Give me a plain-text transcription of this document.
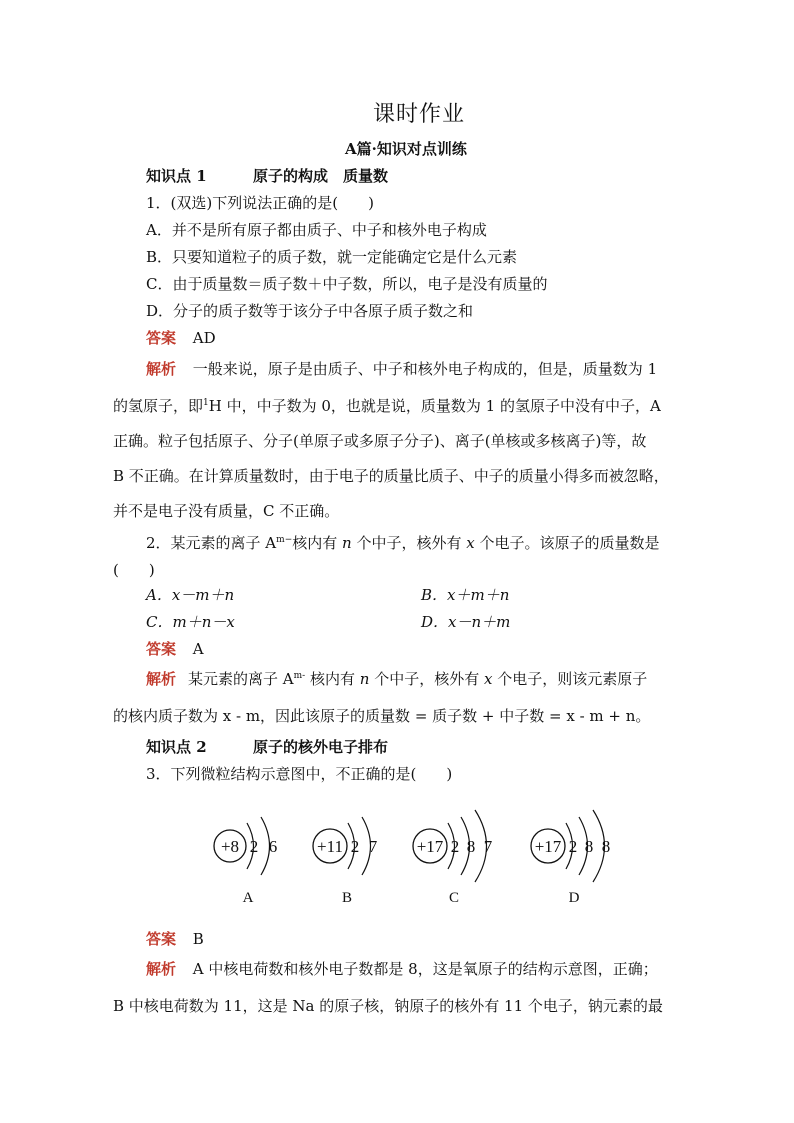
课时作业
A篇·知识对点训练
知识点 1	原子的构成　质量数
1．(双选)下列说法正确的是(　　)
A．并不是所有原子都由质子、中子和核外电子构成
B．只要知道粒子的质子数，就一定能确定它是什么元素
C．由于质量数＝质子数＋中子数，所以，电子是没有质量的
D．分子的质子数等于该分子中各原子质子数之和
答案 AD
解析 一般来说，原子是由质子、中子和核外电子构成的，但是，质量数为 1
的氢原子，即$^1$H 中，中子数为 0，也就是说，质量数为 1 的氢原子中没有中子，A
正确。粒子包括原子、分子(单原子或多原子分子)、离子(单核或多核离子)等，故
B 不正确。在计算质量数时，由于电子的质量比质子、中子的质量小得多而被忽略，
并不是电子没有质量，C 不正确。
2．某元素的离子 $A^{m-}$核内有 n 个中子，核外有 x 个电子。该原子的质量数是
(　　)
A．x－m＋n	B．x＋m＋n
C．m＋n－x	D．x－n＋m
答案 A
解析 某元素的离子 $A^{m-}$ 核内有 n 个中子，核外有 x 个电子，则该元素原子
的核内质子数为 x - m，因此该原子的质量数 = 质子数 + 中子数 = x - m + n。
知识点 2	原子的核外电子排布
3．下列微粒结构示意图中，不正确的是(　　)
+8 2 6
A
+11 2 7
B
+17 2 8 7
C
+17 2 8 8
D
答案 B
解析 A 中核电荷数和核外电子数都是 8，这是氧原子的结构示意图，正确；
B 中核电荷数为 11，这是 Na 的原子核，钠原子的核外有 11 个电子，钠元素的最
